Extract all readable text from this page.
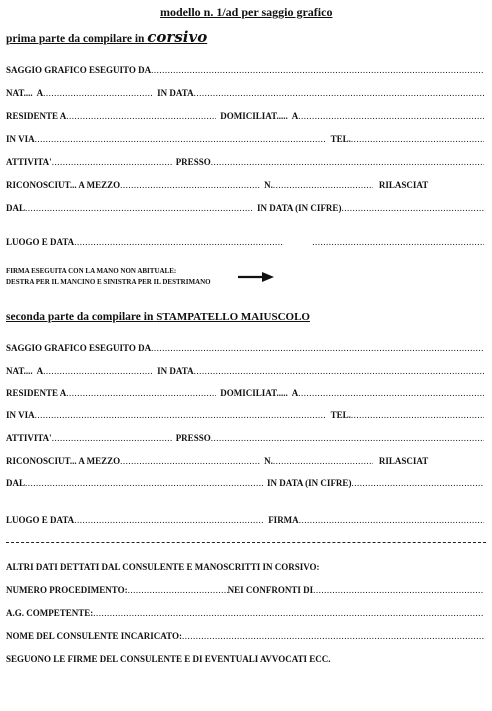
modello n. 1/ad per saggio grafico
prima parte da compilare in corsivo
SAGGIO GRAFICO ESEGUITO DA
.....
NAT.... A .....	IN DATA
.....
RESIDENTE A .....	DOMICILIAT..... A
.....
IN VIA .....	TEL.
.....
ATTIVITA' .....	PRESSO
.....
RICONOSCIUT... A MEZZO .....	N. .....	RILASCIAT
DAL .....	IN DATA (IN CIFRE)
.....
LUOGO E DATA
.....
.....
FIRMA ESEGUITA CON LA MANO NON ABITUALE:
DESTRA PER IL MANCINO E SINISTRA PER IL DESTRIMANO
seconda parte da compilare in STAMPATELLO MAIUSCOLO
SAGGIO GRAFICO ESEGUITO DA
.....
NAT.... A .....	IN DATA
.....
RESIDENTE A .....	DOMICILIAT..... A
.....
IN VIA .....	TEL.
.....
ATTIVITA' .....	PRESSO
.....
RICONOSCIUT... A MEZZO .....	N. .....	RILASCIAT
DAL .....	IN DATA (IN CIFRE)
.....
LUOGO E DATA .....	FIRMA
.....
ALTRI DATI DETTATI DAL CONSULENTE E MANOSCRITTI IN CORSIVO:
NUMERO PROCEDIMENTO: .....	NEI CONFRONTI DI
.....
A.G. COMPETENTE:
.....
NOME DEL CONSULENTE INCARICATO:
.....
SEGUONO LE FIRME DEL CONSULENTE E DI EVENTUALI AVVOCATI ECC.
